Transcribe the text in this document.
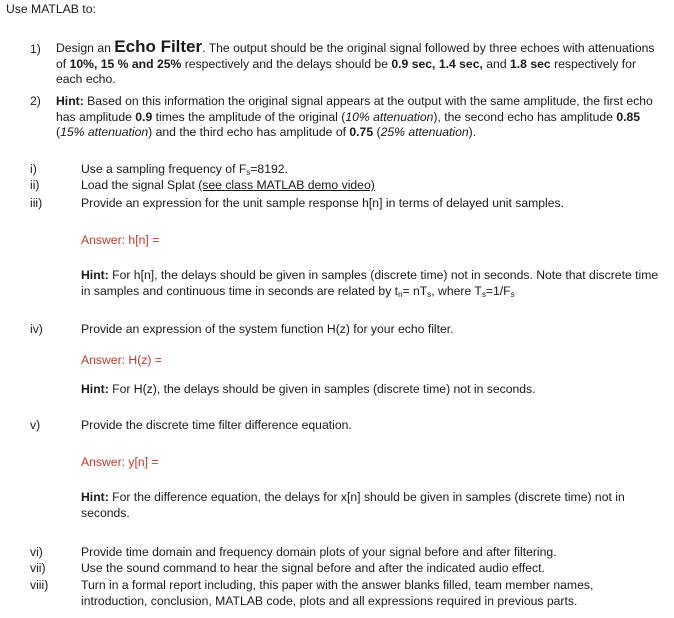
Use MATLAB to:
1) Design an Echo Filter. The output should be the original signal followed by three echoes with attenuations of 10%, 15 % and 25% respectively and the delays should be 0.9 sec, 1.4 sec, and 1.8 sec respectively for each echo.
2) Hint: Based on this information the original signal appears at the output with the same amplitude, the first echo has amplitude 0.9 times the amplitude of the original (10% attenuation), the second echo has amplitude 0.85 (15% attenuation) and the third echo has amplitude of 0.75 (25% attenuation).
i)	Use a sampling frequency of $F_s=8192$.
ii)	Load the signal Splat (see class MATLAB demo video)
iii)	Provide an expression for the unit sample response h[n] in terms of delayed unit samples.
Answer: h[n] =
Hint: For h[n], the delays should be given in samples (discrete time) not in seconds. Note that discrete time in samples and continuous time in seconds are related by $t_n= nT_s$, where $T_s=1/F_s$
iv)	Provide an expression of the system function H(z) for your echo filter.
Answer: H(z) =
Hint: For H(z), the delays should be given in samples (discrete time) not in seconds.
v)	Provide the discrete time filter difference equation.
Answer: y[n] =
Hint: For the difference equation, the delays for x[n] should be given in samples (discrete time) not in seconds.
vi)	Provide time domain and frequency domain plots of your signal before and after filtering.
vii)	Use the sound command to hear the signal before and after the indicated audio effect.
viii)	Turn in a formal report including, this paper with the answer blanks filled, team member names, introduction, conclusion, MATLAB code, plots and all expressions required in previous parts.
